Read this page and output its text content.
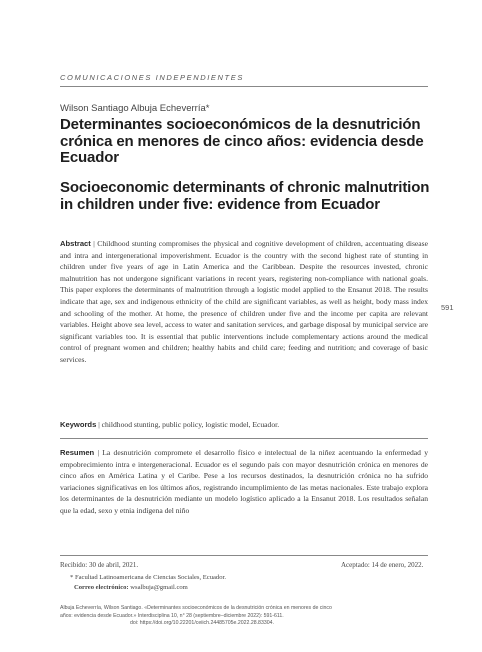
COMUNICACIONES INDEPENDIENTES
Wilson Santiago Albuja Echeverría*
Determinantes socioeconómicos de la desnutrición crónica en menores de cinco años: evidencia desde Ecuador
Socioeconomic determinants of chronic malnutrition in children under five: evidence from Ecuador
591
Abstract | Childhood stunting compromises the physical and cognitive development of children, accentuating disease and intra and intergenerational impoverishment. Ecuador is the country with the second highest rate of stunting in children under five years of age in Latin America and the Caribbean. Despite the resources invested, chronic malnutrition has not undergone significant variations in recent years, registering non-compliance with national goals. This paper explores the determinants of malnutrition through a logistic model applied to the Ensanut 2018. The results indicate that age, sex and indigenous ethnicity of the child are significant variables, as well as height, body mass index and schooling of the mother. At home, the presence of children under five and the income per capita are relevant variables. Height above sea level, access to water and sanitation services, and garbage disposal by municipal service are significant variables too. It is essential that public interventions include complementary actions around the medical control of pregnant women and children; healthy habits and child care; feeding and nutrition; and coverage of basic services.
Keywords | childhood stunting, public policy, logistic model, Ecuador.
Resumen | La desnutrición compromete el desarrollo físico e intelectual de la niñez acentuando la enfermedad y empobrecimiento intra e intergeneracional. Ecuador es el segundo país con mayor desnutrición crónica en menores de cinco años en América Latina y el Caribe. Pese a los recursos destinados, la desnutrición crónica no ha sufrido variaciones significativas en los últimos años, registrando incumplimiento de las metas nacionales. Este trabajo explora los determinantes de la desnutrición mediante un modelo logístico aplicado a la Ensanut 2018. Los resultados señalan que la edad, sexo y etnia indígena del niño
Recibido: 30 de abril, 2021.	Aceptado: 14 de enero, 2022.
* Facultad Latinoamericana de Ciencias Sociales, Ecuador.
Correo electrónico: wsalbuja@gmail.com
Albuja Echeverría, Wilson Santiago. «Determinantes socioeconómicos de la desnutrición crónica en menores de cinco
años: evidencia desde Ecuador.» Interdisciplina 10, n° 28 (septiembre–diciembre 2022): 591-611.
doi: https://doi.org/10.22201/ceiich.24485705e.2022.28.83304.
